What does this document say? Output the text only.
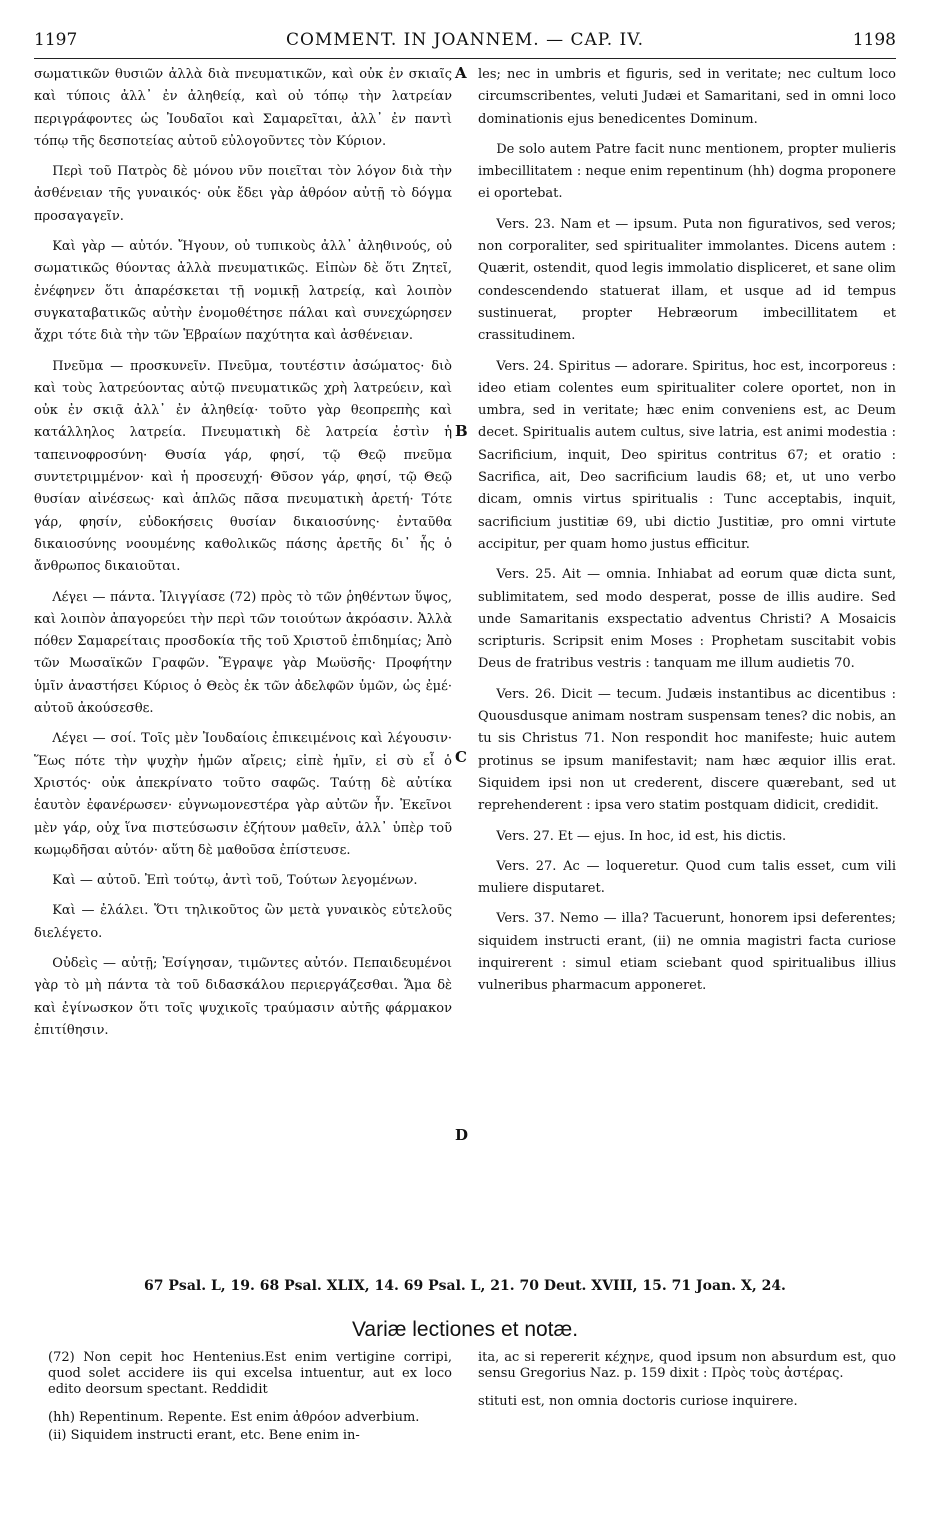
1197	COMMENT. IN JOANNEM. — CAP. IV.	1198

σωματικῶν θυσιῶν ἀλλὰ διὰ πνευματικῶν, καὶ οὐκ ἐν σκιαῖς καὶ τύποις ἀλλ᾽ ἐν ἀληθείᾳ, καὶ οὐ τόπῳ τὴν λατρείαν περιγράφοντες ὡς Ἰουδαῖοι καὶ Σαμαρεῖται, ἀλλ᾽ ἐν παντὶ τόπῳ τῆς δεσποτείας αὐτοῦ εὐλογοῦντες τὸν Κύριον.

Περὶ τοῦ Πατρὸς δὲ μόνου νῦν ποιεῖται τὸν λόγον διὰ τὴν ἀσθένειαν τῆς γυναικός· οὐκ ἔδει γὰρ ἀθρόον αὐτῇ τὸ δόγμα προσαγαγεῖν.

Καὶ γὰρ — αὐτόν. Ἤγουν, οὐ τυπικοὺς ἀλλ᾽ ἀληθινούς, οὐ σωματικῶς θύοντας ἀλλὰ πνευματικῶς. Εἰπὼν δὲ ὅτι Ζητεῖ, ἐνέφηνεν ὅτι ἀπαρέσκεται τῇ νομικῇ λατρείᾳ, καὶ λοιπὸν συγκαταβατικῶς αὐτὴν ἐνομοθέτησε πάλαι καὶ συνεχώρησεν ἄχρι τότε διὰ τὴν τῶν Ἑβραίων παχύτητα καὶ ἀσθένειαν.

Πνεῦμα — προσκυνεῖν. Πνεῦμα, τουτέστιν ἀσώματος· διὸ καὶ τοὺς λατρεύοντας αὐτῷ πνευματικῶς χρὴ λατρεύειν, καὶ οὐκ ἐν σκιᾷ ἀλλ᾽ ἐν ἀληθείᾳ· τοῦτο γὰρ θεοπρεπὴς καὶ κατάλληλος λατρεία. Πνευματικὴ δὲ λατρεία ἐστὶν ἡ ταπεινοφροσύνη· Θυσία γάρ, φησί, τῷ Θεῷ πνεῦμα συντετριμμένον· καὶ ἡ προσευχή· Θῦσον γάρ, φησί, τῷ Θεῷ θυσίαν αἰνέσεως· καὶ ἁπλῶς πᾶσα πνευματικὴ ἀρετή· Τότε γάρ, φησίν, εὐδοκήσεις θυσίαν δικαιοσύνης· ἐνταῦθα δικαιοσύνης νοουμένης καθολικῶς πάσης ἀρετῆς δι᾽ ἧς ὁ ἄνθρωπος δικαιοῦται.

Λέγει — πάντα. Ἰλιγγίασε (72) πρὸς τὸ τῶν ῥηθέντων ὕψος, καὶ λοιπὸν ἀπαγορεύει τὴν περὶ τῶν τοιούτων ἀκρόασιν. Ἀλλὰ πόθεν Σαμαρείταις προσδοκία τῆς τοῦ Χριστοῦ ἐπιδημίας; Ἀπὸ τῶν Μωσαϊκῶν Γραφῶν. Ἔγραψε γὰρ Μωϋσῆς· Προφήτην ὑμῖν ἀναστήσει Κύριος ὁ Θεὸς ἐκ τῶν ἀδελφῶν ὑμῶν, ὡς ἐμέ· αὐτοῦ ἀκούσεσθε.

Λέγει — σοί. Τοῖς μὲν Ἰουδαίοις ἐπικειμένοις καὶ λέγουσιν· Ἕως πότε τὴν ψυχὴν ἡμῶν αἴρεις; εἰπὲ ἡμῖν, εἰ σὺ εἶ ὁ Χριστός· οὐκ ἀπεκρίνατο τοῦτο σαφῶς. Ταύτῃ δὲ αὐτίκα ἑαυτὸν ἐφανέρωσεν· εὐγνωμονεστέρα γὰρ αὐτῶν ἦν. Ἐκεῖνοι μὲν γάρ, οὐχ ἵνα πιστεύσωσιν ἐζήτουν μαθεῖν, ἀλλ᾽ ὑπὲρ τοῦ κωμῳδῆσαι αὐτόν· αὕτη δὲ μαθοῦσα ἐπίστευσε.

Καὶ — αὐτοῦ. Ἐπὶ τούτῳ, ἀντὶ τοῦ, Τούτων λεγομένων.

Καὶ — ἐλάλει. Ὅτι τηλικοῦτος ὢν μετὰ γυναικὸς εὐτελοῦς διελέγετο.

Οὐδεὶς — αὐτῇ; Ἐσίγησαν, τιμῶντες αὐτόν. Πεπαιδευμένοι γὰρ τὸ μὴ πάντα τὰ τοῦ διδασκάλου περιεργάζεσθαι. Ἅμα δὲ καὶ ἐγίνωσκον ὅτι τοῖς ψυχικοῖς τραύμασιν αὐτῆς φάρμακον ἐπιτίθησιν.

A
B
C
D

les; nec in umbris et figuris, sed in veritate; nec cultum loco circumscribentes, veluti Judæi et Samaritani, sed in omni loco dominationis ejus benedicentes Dominum.

De solo autem Patre facit nunc mentionem, propter mulieris imbecillitatem : neque enim repentinum (hh) dogma proponere ei oportebat.

Vers. 23. Nam et — ipsum. Puta non figurativos, sed veros; non corporaliter, sed spiritualiter immolantes. Dicens autem : Quærit, ostendit, quod legis immolatio displiceret, et sane olim condescendendo statuerat illam, et usque ad id tempus sustinuerat, propter Hebræorum imbecillitatem et crassitudinem.

Vers. 24. Spiritus — adorare. Spiritus, hoc est, incorporeus : ideo etiam colentes eum spiritualiter colere oportet, non in umbra, sed in veritate; hæc enim conveniens est, ac Deum decet. Spiritualis autem cultus, sive latria, est animi modestia : Sacrificium, inquit, Deo spiritus contritus 67; et oratio : Sacrifica, ait, Deo sacrificium laudis 68; et, ut uno verbo dicam, omnis virtus spiritualis : Tunc acceptabis, inquit, sacrificium justitiæ 69, ubi dictio Justitiæ, pro omni virtute accipitur, per quam homo justus efficitur.

Vers. 25. Ait — omnia. Inhiabat ad eorum quæ dicta sunt, sublimitatem, sed modo desperat, posse de illis audire. Sed unde Samaritanis exspectatio adventus Christi? A Mosaicis scripturis. Scripsit enim Moses : Prophetam suscitabit vobis Deus de fratribus vestris : tanquam me illum audietis 70.

Vers. 26. Dicit — tecum. Judæis instantibus ac dicentibus : Quousdusque animam nostram suspensam tenes? dic nobis, an tu sis Christus 71. Non respondit hoc manifeste; huic autem protinus se ipsum manifestavit; nam hæc æquior illis erat. Siquidem ipsi non ut crederent, discere quærebant, sed ut reprehenderent : ipsa vero statim postquam didicit, credidit.

Vers. 27. Et — ejus. In hoc, id est, his dictis.

Vers. 27. Ac — loqueretur. Quod cum talis esset, cum vili muliere disputaret.

Vers. 37. Nemo — illa? Tacuerunt, honorem ipsi deferentes; siquidem instructi erant, (ii) ne omnia magistri facta curiose inquirerent : simul etiam sciebant quod spiritualibus illius vulneribus pharmacum apponeret.

67 Psal. L, 19. 68 Psal. XLIX, 14. 69 Psal. L, 21. 70 Deut. XVIII, 15. 71 Joan. X, 24.
Variæ lectiones et notæ.

(72) Non cepit hoc Hentenius.Est enim vertigine corripi, quod solet accidere iis qui excelsa intuentur, aut ex loco edito deorsum spectant. Reddidit

(hh) Repentinum. Repente. Est enim ἀθρόον adverbium.

(ii) Siquidem instructi erant, etc. Bene enim in-

ita, ac si repererit κέχηνε, quod ipsum non absurdum est, quo sensu Gregorius Naz. p. 159 dixit : Πρὸς τοὺς ἀστέρας.

stituti est, non omnia doctoris curiose inquirere.
